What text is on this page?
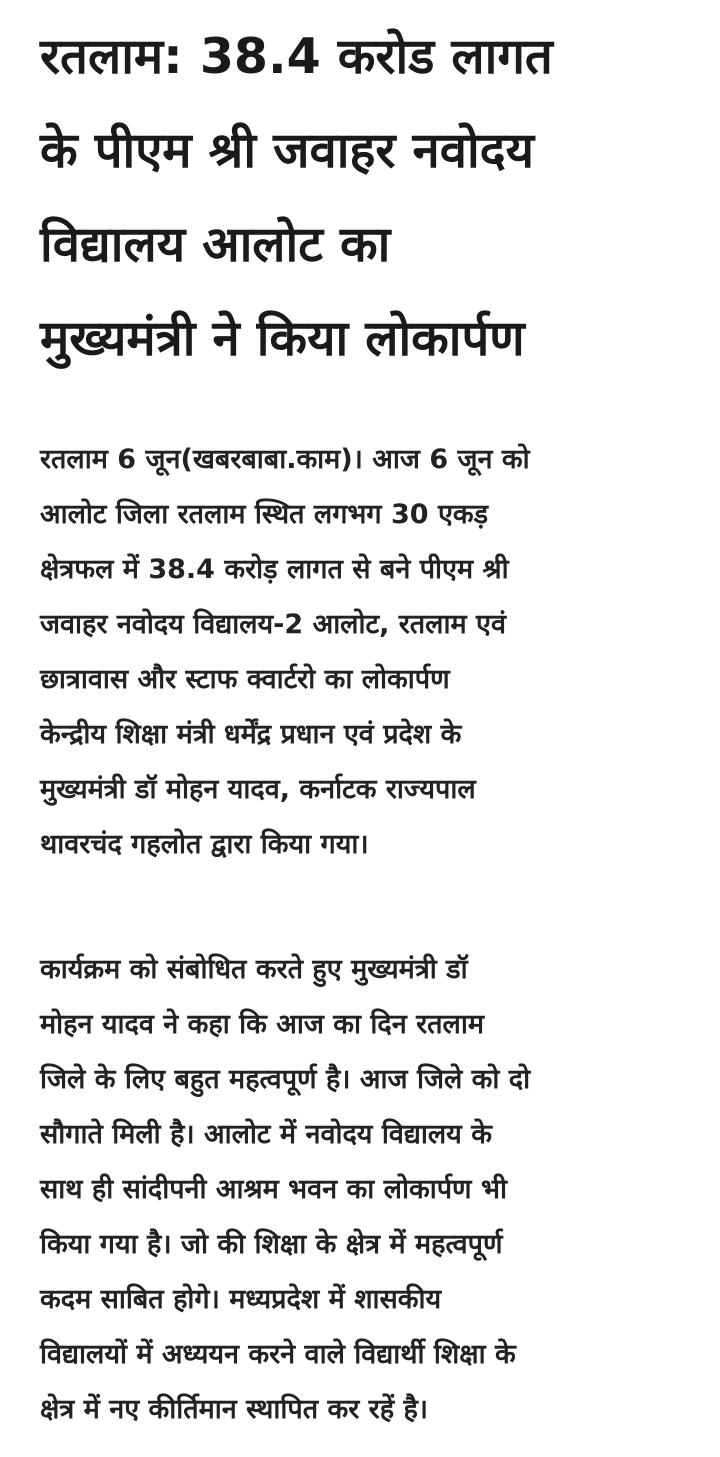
रतलाम: 38.4 करोड लागत
के पीएम श्री जवाहर नवोदय
विद्यालय आलोट का
मुख्यमंत्री ने किया लोकार्पण

रतलाम 6 जून(खबरबाबा.काम)। आज 6 जून को
आलोट जिला रतलाम स्थित लगभग 30 एकड़
क्षेत्रफल में 38.4 करोड़ लागत से बने पीएम श्री
जवाहर नवोदय विद्यालय-2 आलोट, रतलाम एवं
छात्रावास और स्टाफ क्वार्टरो का लोकार्पण
केन्द्रीय शिक्षा मंत्री धर्मेंद्र प्रधान एवं प्रदेश के
मुख्यमंत्री डॉ मोहन यादव, कर्नाटक राज्यपाल
थावरचंद गहलोत द्वारा किया गया।

कार्यक्रम को संबोधित करते हुए मुख्यमंत्री डॉ
मोहन यादव ने कहा कि आज का दिन रतलाम
जिले के लिए बहुत महत्वपूर्ण है। आज जिले को दो
सौगाते मिली है। आलोट में नवोदय विद्यालय के
साथ ही सांदीपनी आश्रम भवन का लोकार्पण भी
किया गया है। जो की शिक्षा के क्षेत्र में महत्वपूर्ण
कदम साबित होगे। मध्यप्रदेश में शासकीय
विद्यालयों में अध्ययन करने वाले विद्यार्थी शिक्षा के
क्षेत्र में नए कीर्तिमान स्थापित कर रहें है।
